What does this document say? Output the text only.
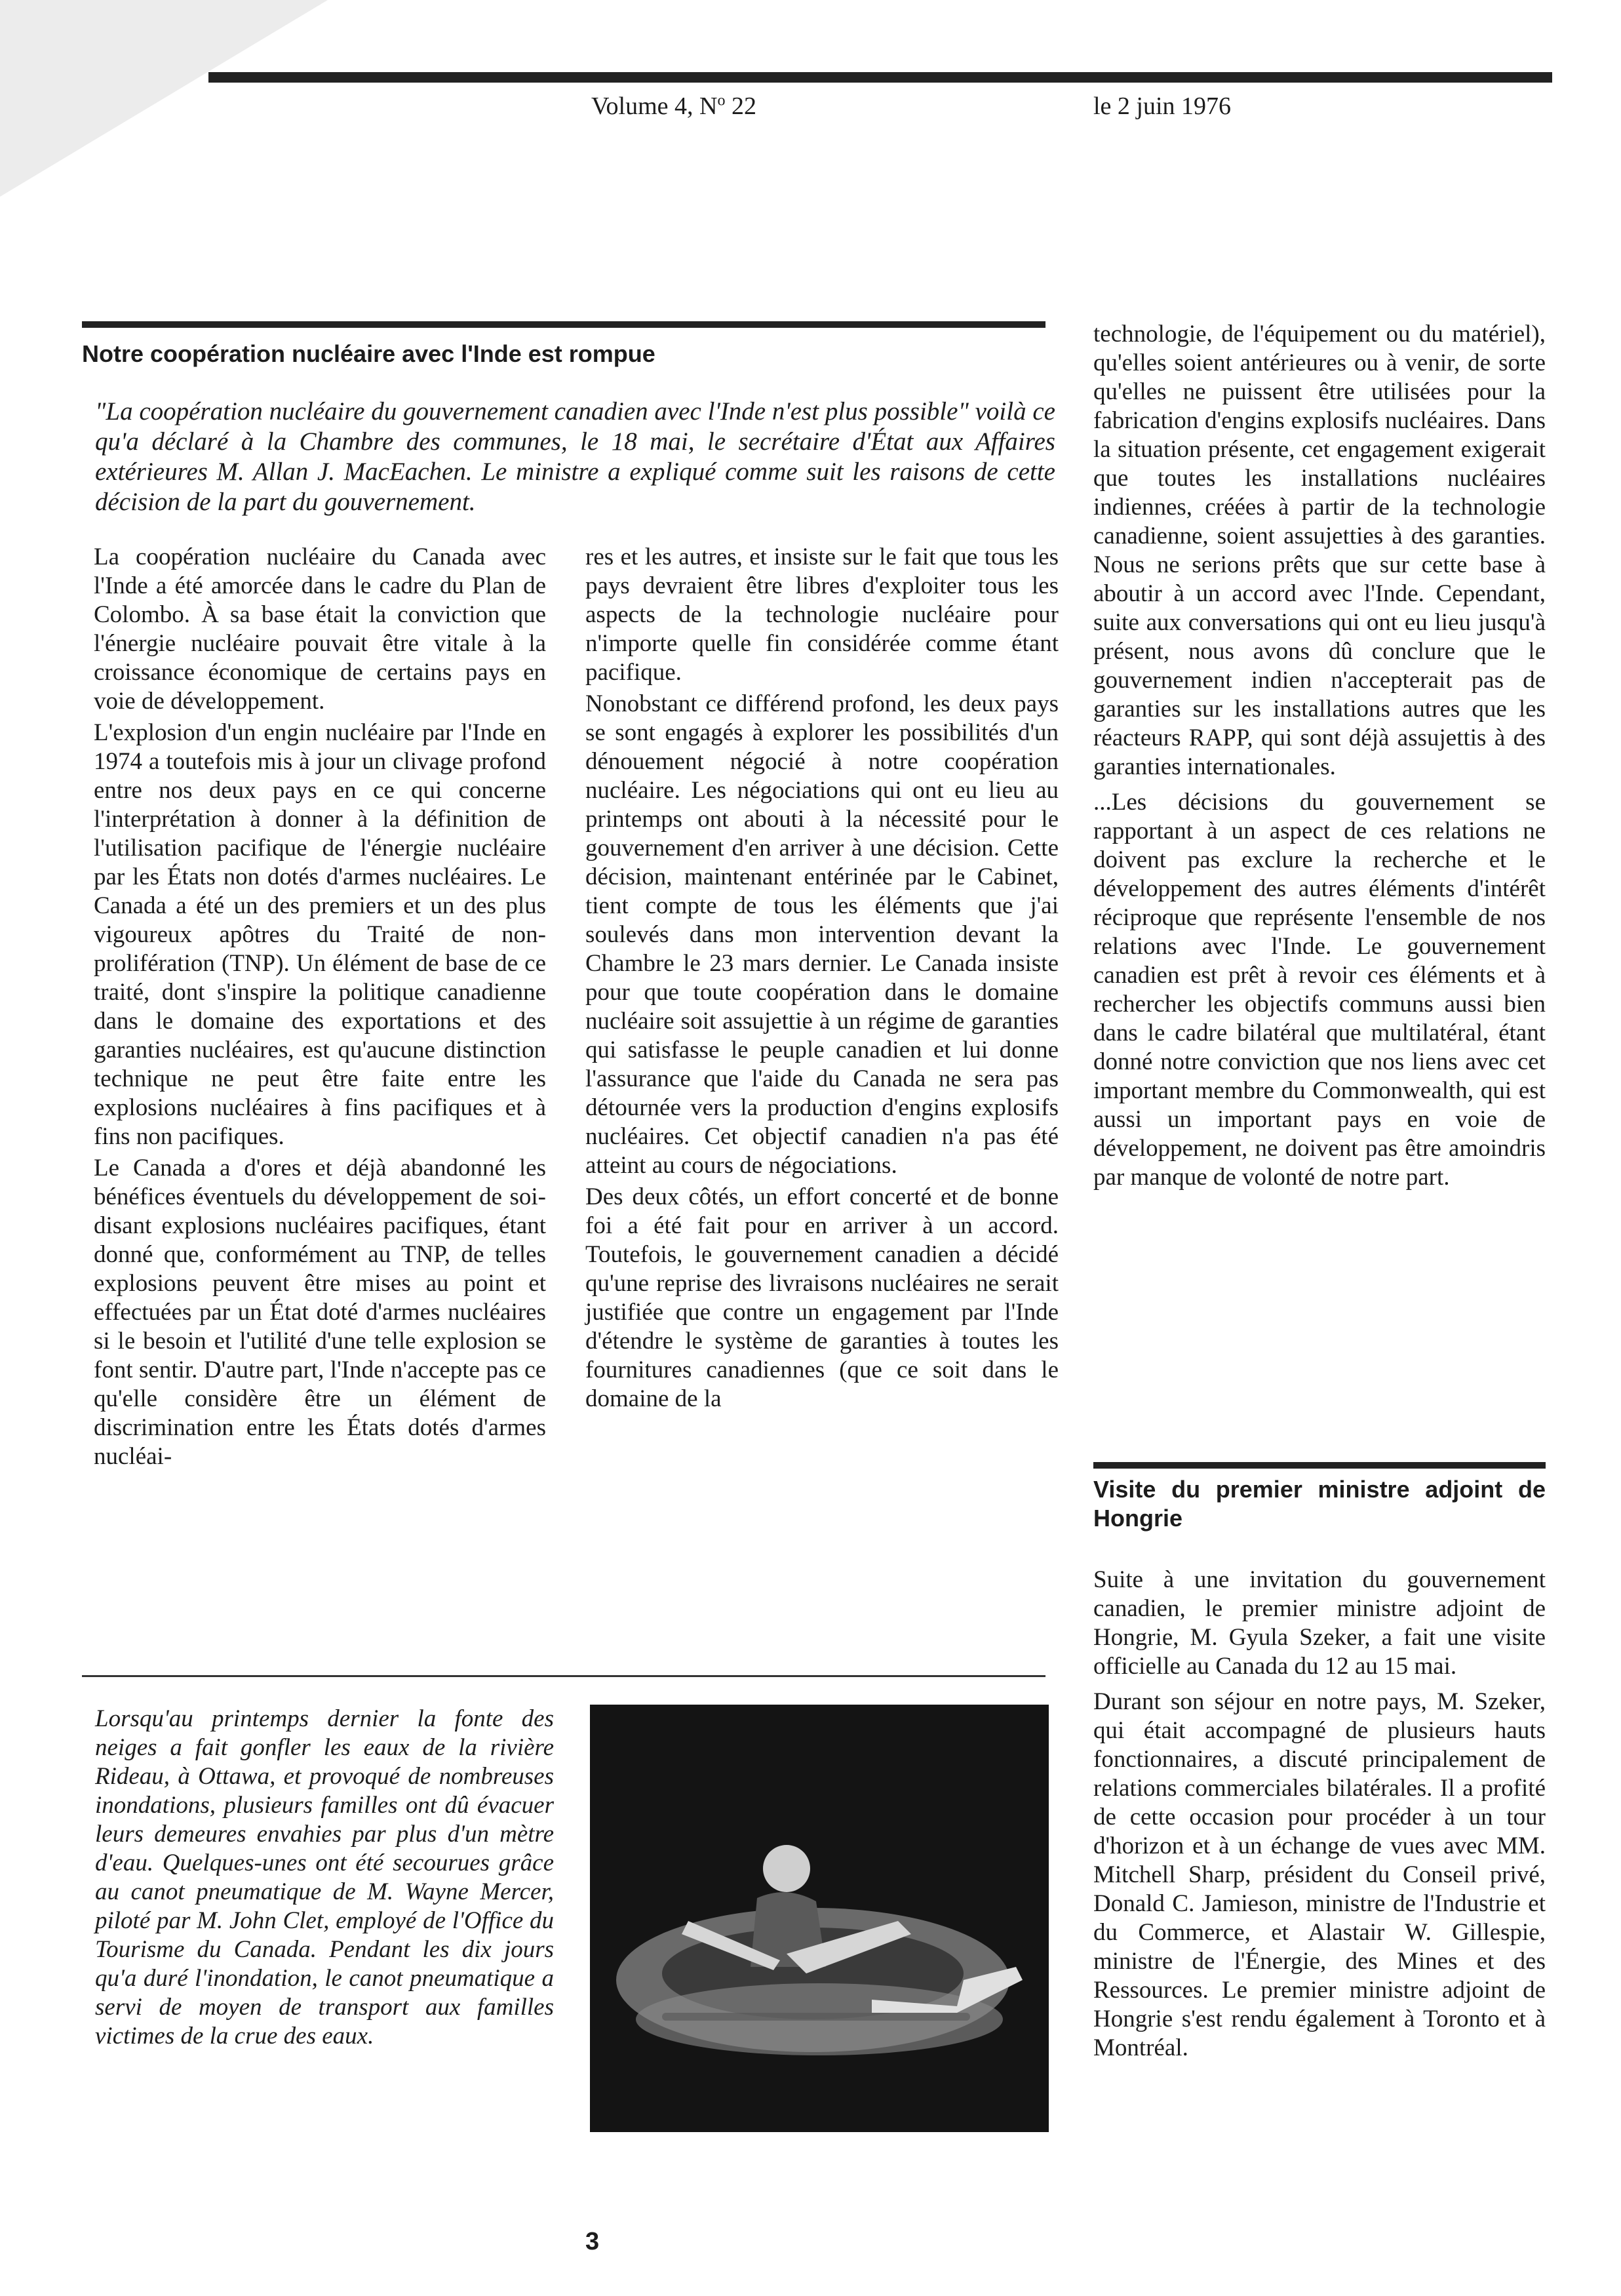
Volume 4, $N^o$ 22	le 2 juin 1976

Notre coopération nucléaire avec l'Inde est rompue

"La coopération nucléaire du gouvernement canadien avec l'Inde n'est plus possible" voilà ce qu'a déclaré à la Chambre des communes, le 18 mai, le secrétaire d'État aux Affaires extérieures M. Allan J. MacEachen. Le ministre a expliqué comme suit les raisons de cette décision de la part du gouvernement.

La coopération nucléaire du Canada avec l'Inde a été amorcée dans le cadre du Plan de Colombo. À sa base était la conviction que l'énergie nucléaire pouvait être vitale à la croissance économique de certains pays en voie de développement.

L'explosion d'un engin nucléaire par l'Inde en 1974 a toutefois mis à jour un clivage profond entre nos deux pays en ce qui concerne l'interprétation à donner à la définition de l'utilisation pacifique de l'énergie nucléaire par les États non dotés d'armes nucléaires. Le Canada a été un des premiers et un des plus vigoureux apôtres du Traité de non-prolifération (TNP). Un élément de base de ce traité, dont s'inspire la politique canadienne dans le domaine des exportations et des garanties nucléaires, est qu'aucune distinction technique ne peut être faite entre les explosions nucléaires à fins pacifiques et à fins non pacifiques.

Le Canada a d'ores et déjà abandonné les bénéfices éventuels du développement de soi-disant explosions nucléaires pacifiques, étant donné que, conformément au TNP, de telles explosions peuvent être mises au point et effectuées par un État doté d'armes nucléaires si le besoin et l'utilité d'une telle explosion se font sentir. D'autre part, l'Inde n'accepte pas ce qu'elle considère être un élément de discrimination entre les États dotés d'armes nucléai-

res et les autres, et insiste sur le fait que tous les pays devraient être libres d'exploiter tous les aspects de la technologie nucléaire pour n'importe quelle fin considérée comme étant pacifique.

Nonobstant ce différend profond, les deux pays se sont engagés à explorer les possibilités d'un dénouement négocié à notre coopération nucléaire. Les négociations qui ont eu lieu au printemps ont abouti à la nécessité pour le gouvernement d'en arriver à une décision. Cette décision, maintenant entérinée par le Cabinet, tient compte de tous les éléments que j'ai soulevés dans mon intervention devant la Chambre le 23 mars dernier. Le Canada insiste pour que toute coopération dans le domaine nucléaire soit assujettie à un régime de garanties qui satisfasse le peuple canadien et lui donne l'assurance que l'aide du Canada ne sera pas détournée vers la production d'engins explosifs nucléaires. Cet objectif canadien n'a pas été atteint au cours de négociations.

Des deux côtés, un effort concerté et de bonne foi a été fait pour en arriver à un accord. Toutefois, le gouvernement canadien a décidé qu'une reprise des livraisons nucléaires ne serait justifiée que contre un engagement par l'Inde d'étendre le système de garanties à toutes les fournitures canadiennes (que ce soit dans le domaine de la

technologie, de l'équipement ou du matériel), qu'elles soient antérieures ou à venir, de sorte qu'elles ne puissent être utilisées pour la fabrication d'engins explosifs nucléaires. Dans la situation présente, cet engagement exigerait que toutes les installations nucléaires indiennes, créées à partir de la technologie canadienne, soient assujetties à des garanties. Nous ne serions prêts que sur cette base à aboutir à un accord avec l'Inde. Cependant, suite aux conversations qui ont eu lieu jusqu'à présent, nous avons dû conclure que le gouvernement indien n'accepterait pas de garanties sur les installations autres que les réacteurs RAPP, qui sont déjà assujettis à des garanties internationales.

...Les décisions du gouvernement se rapportant à un aspect de ces relations ne doivent pas exclure la recherche et le développement des autres éléments d'intérêt réciproque que représente l'ensemble de nos relations avec l'Inde. Le gouvernement canadien est prêt à revoir ces éléments et à rechercher les objectifs communs aussi bien dans le cadre bilatéral que multilatéral, étant donné notre conviction que nos liens avec cet important membre du Commonwealth, qui est aussi un important pays en voie de développement, ne doivent pas être amoindris par manque de volonté de notre part.

Visite du premier ministre adjoint de Hongrie

Suite à une invitation du gouvernement canadien, le premier ministre adjoint de Hongrie, M. Gyula Szeker, a fait une visite officielle au Canada du 12 au 15 mai.

Durant son séjour en notre pays, M. Szeker, qui était accompagné de plusieurs hauts fonctionnaires, a discuté principalement de relations commerciales bilatérales. Il a profité de cette occasion pour procéder à un tour d'horizon et à un échange de vues avec MM. Mitchell Sharp, président du Conseil privé, Donald C. Jamieson, ministre de l'Industrie et du Commerce, et Alastair W. Gillespie, ministre de l'Énergie, des Mines et des Ressources. Le premier ministre adjoint de Hongrie s'est rendu également à Toronto et à Montréal.

Lorsqu'au printemps dernier la fonte des neiges a fait gonfler les eaux de la rivière Rideau, à Ottawa, et provoqué de nombreuses inondations, plusieurs familles ont dû évacuer leurs demeures envahies par plus d'un mètre d'eau. Quelques-unes ont été secourues grâce au canot pneumatique de M. Wayne Mercer, piloté par M. John Clet, employé de l'Office du Tourisme du Canada. Pendant les dix jours qu'a duré l'inondation, le canot pneumatique a servi de moyen de transport aux familles victimes de la crue des eaux.
3
